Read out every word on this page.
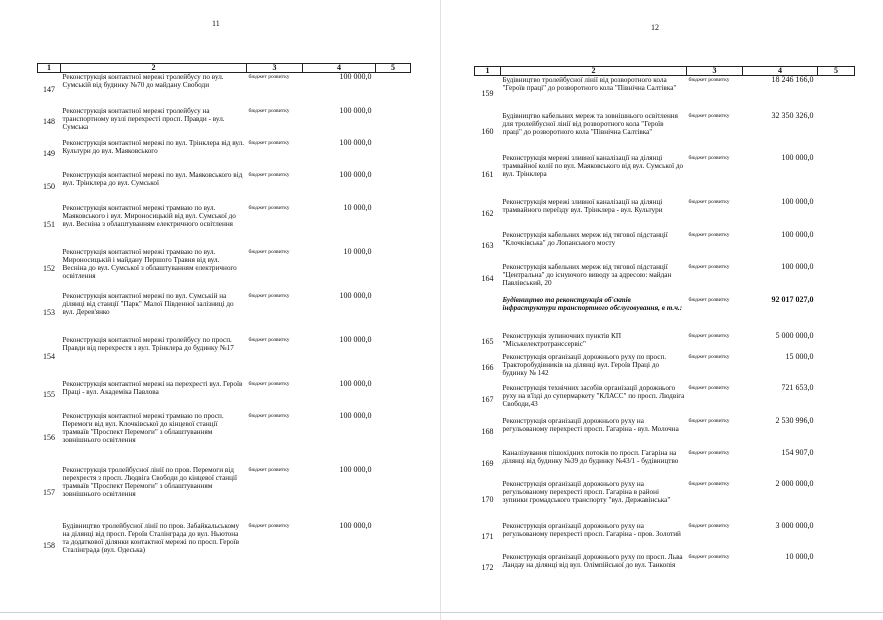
11
1	2	3	4	5
147	Реконструкція контактної мережі тролейбусу по вул. Сумській від будинку №70 до майдану Свободи	бюджет розвитку	100 000,0	
148	Реконструкція контактної мережі тролейбусу на транспортному вузлі перехресті просп. Правди - вул. Сумська	бюджет розвитку	100 000,0	
149	Реконструкція контактної мережі по вул. Трінклера від вул. Культури до вул. Маяковського	бюджет розвитку	100 000,0	
150	Реконструкція контактної мережі по вул. Маяковського від вул. Трінклера до вул. Сумської	бюджет розвитку	100 000,0	
151	Реконструкція контактної мережі трамваю по вул. Маяковського і вул. Мироносицькій від вул. Сумської до вул. Весніна з облаштуванням електричного освітлення	бюджет розвитку	10 000,0	
152	Реконструкція контактної мережі трамваю по вул. Мироносицькій і майдану Першого Травня від вул. Весніна до вул. Сумської з облаштуванням електричного освітлення	бюджет розвитку	10 000,0	
153	Реконструкція контактної мережі по вул. Сумській на ділянці від станції "Парк" Малої Південної залізниці до вул. Дерев'янко	бюджет розвитку	100 000,0	
154	Реконструкція контактної мережі тролейбусу по просп. Правди від перехрестя з вул. Трінклера до будинку №17	бюджет розвитку	100 000,0	
155	Реконструкція контактної мережі на перехресті вул. Героїв Праці - вул. Академіка Павлова	бюджет розвитку	100 000,0	
156	Реконструкція контактної мережі трамваю по просп. Перемоги від вул. Клочківської до кінцевої станції трамваїв "Проспект Перемоги" з облаштуванням зовнішнього освітлення	бюджет розвитку	100 000,0	
157	Реконструкція тролейбусної лінії по пров. Перемоги від перехрестя з просп. Людвіга Свободи до кінцевої станції трамваїв "Проспект Перемоги" з облаштуванням зовнішнього освітлення	бюджет розвитку	100 000,0	
158	Будівництво тролейбусної лінії по пров. Забайкальському на ділянці від просп. Героїв Сталінграда до вул. Ньютона та додаткової ділянки контактної мережі по просп. Героїв Сталінграда (вул. Одеська)	бюджет розвитку	100 000,0	
12
1	2	3	4	5
159	Будівництво тролейбусної лінії від розворотного кола "Героїв праці" до розворотного кола "Північна Салтівка"	бюджет розвитку	18 246 166,0	
160	Будівництво кабельних мереж та зовнішнього освітлення для тролейбусної лінії від розворотного кола "Героїв праці" до розворотного кола "Північна Салтівка"	бюджет розвитку	32 350 326,0	
161	Реконструкція мережі зливної каналізації на ділянці трамвайної колії по вул. Маяковського від вул. Сумської до вул. Трінклера	бюджет розвитку	100 000,0	
162	Реконструкція мережі зливної каналізації на ділянці трамвайного переїзду вул. Трінклера - вул. Культури	бюджет розвитку	100 000,0	
163	Реконструкція кабельних мереж від тягової підстанції "Клочківська" до Лопанського мосту	бюджет розвитку	100 000,0	
164	Реконструкція кабельних мереж від тягової підстанції "Центральна" до існуючого виводу за адресою: майдан Павлівський, 20	бюджет розвитку	100 000,0	
	Будівництво та реконструкція об'єктів інфраструктури транспортного обслуговування, в т.ч.:	бюджет розвитку	92 017 027,0	
165	Реконструкція зупиночних пунктів КП "Міськелектротранссервіс"	бюджет розвитку	5 000 000,0	
166	Реконструкція організації дорожнього руху по просп. Тракторобудівників на ділянці вул. Героїв Праці до будинку № 142	бюджет розвитку	15 000,0	
167	Реконструкція технічних засобів організації дорожнього руху на в'їзді до супермаркету "КЛАСС" по просп. Людвіга Свободи,43	бюджет розвитку	721 653,0	
168	Реконструкція організації дорожнього руху на регульованому перехресті просп. Гагаріна - вул. Молочна	бюджет розвитку	2 530 996,0	
169	Каналізування пішохідних потоків по просп. Гагаріна на ділянці від будинку №39 до будинку №43/1 - будівництво	бюджет розвитку	154 907,0	
170	Реконструкція організації дорожнього руху на регульованому перехресті просп. Гагаріна в районі зупинки громадського транспорту "вул. Державінська"	бюджет розвитку	2 000 000,0	
171	Реконструкція організації дорожнього руху на регульованому перехресті просп. Гагаріна - пров. Золотий	бюджет розвитку	3 000 000,0	
172	Реконструкція організації дорожнього руху по просп. Льва Ландау на ділянці від вул. Олімпійської до вул. Танкопія	бюджет розвитку	10 000,0	
